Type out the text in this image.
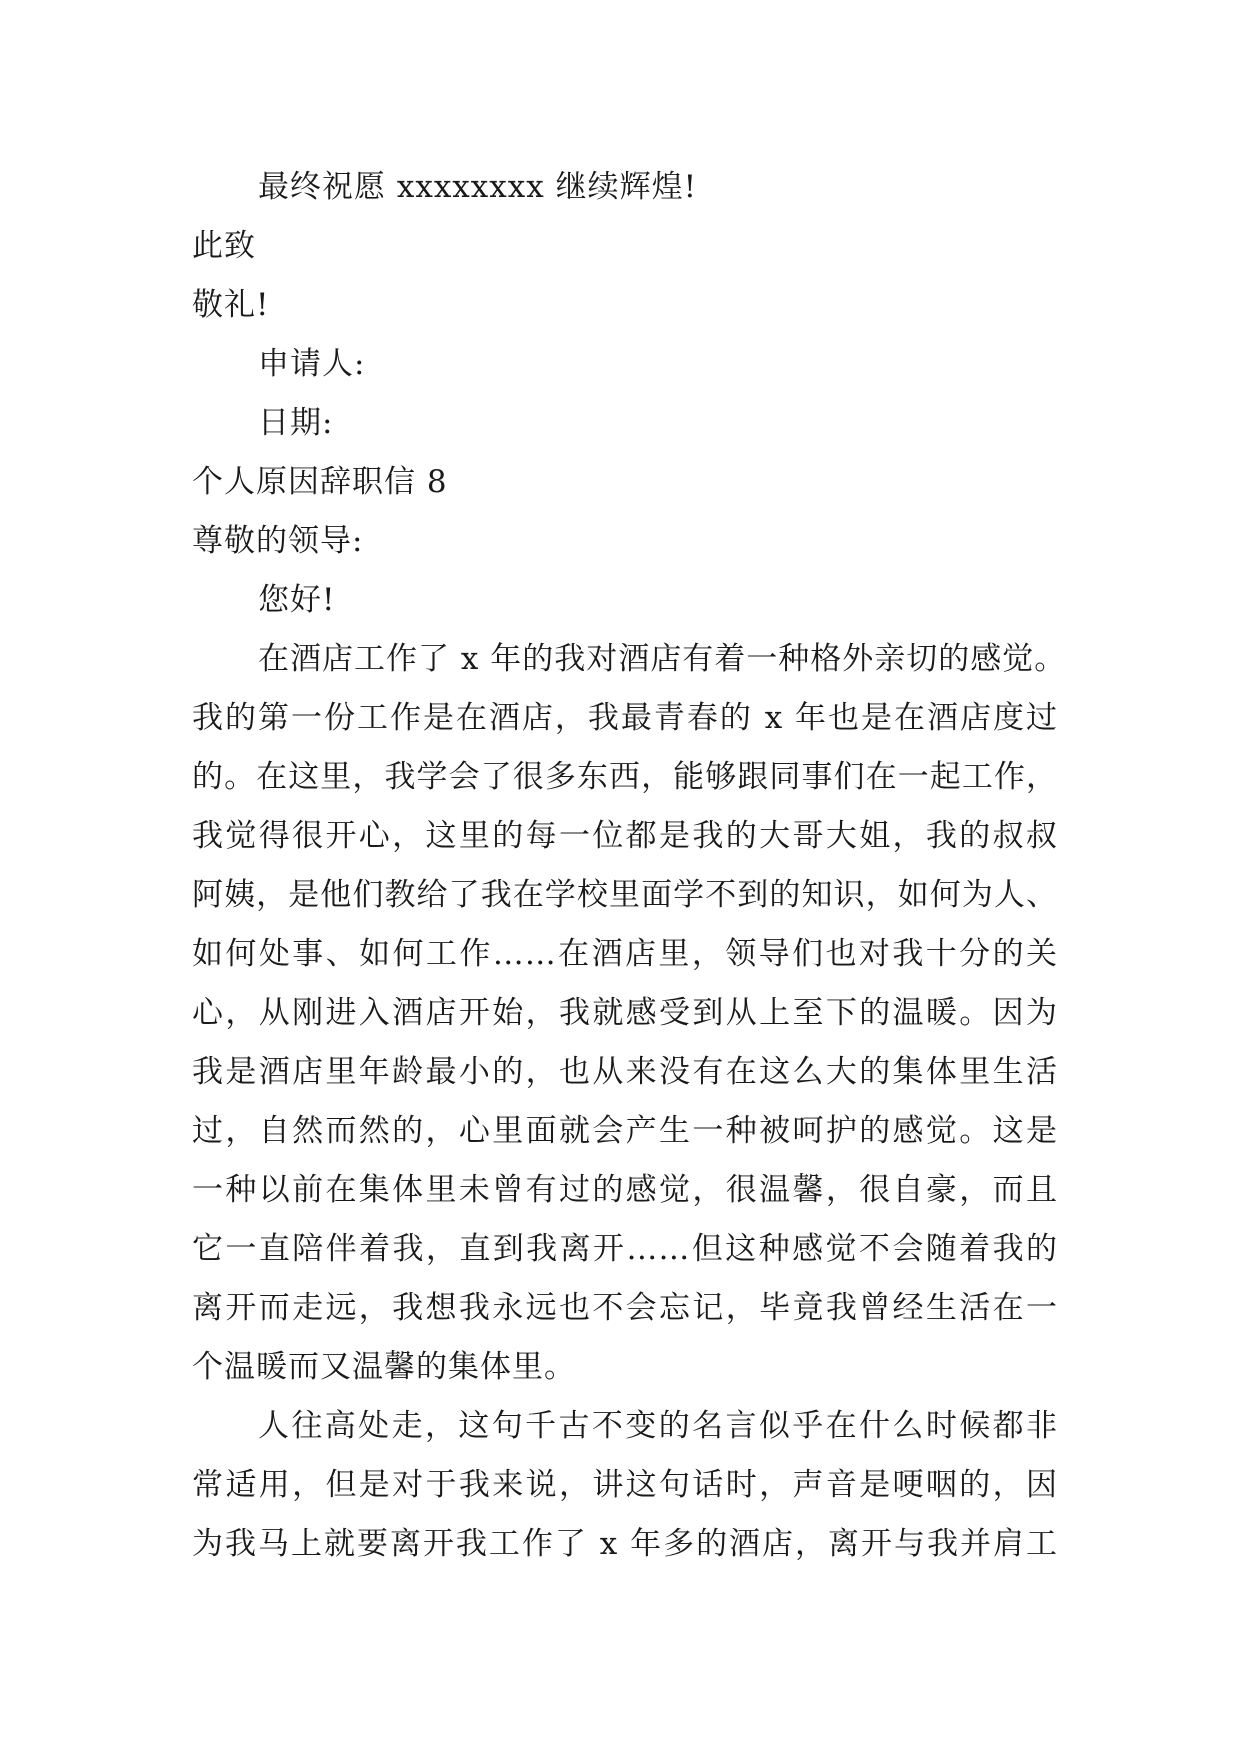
最终祝愿 xxxxxxxx 继续辉煌!
此致
敬礼!
申请人:
日期:
个人原因辞职信 8
尊敬的领导:
您好!
在酒店工作了 x 年的我对酒店有着一种格外亲切的感觉。
我的第一份工作是在酒店，我最青春的 x 年也是在酒店度过
的。在这里，我学会了很多东西，能够跟同事们在一起工作，
我觉得很开心，这里的每一位都是我的大哥大姐，我的叔叔
阿姨，是他们教给了我在学校里面学不到的知识，如何为人、
如何处事、如何工作……在酒店里，领导们也对我十分的关
心，从刚进入酒店开始，我就感受到从上至下的温暖。因为
我是酒店里年龄最小的，也从来没有在这么大的集体里生活
过，自然而然的，心里面就会产生一种被呵护的感觉。这是
一种以前在集体里未曾有过的感觉，很温馨，很自豪，而且
它一直陪伴着我，直到我离开……但这种感觉不会随着我的
离开而走远，我想我永远也不会忘记，毕竟我曾经生活在一
个温暖而又温馨的集体里。
人往高处走，这句千古不变的名言似乎在什么时候都非
常适用，但是对于我来说，讲这句话时，声音是哽咽的，因
为我马上就要离开我工作了 x 年多的酒店，离开与我并肩工
